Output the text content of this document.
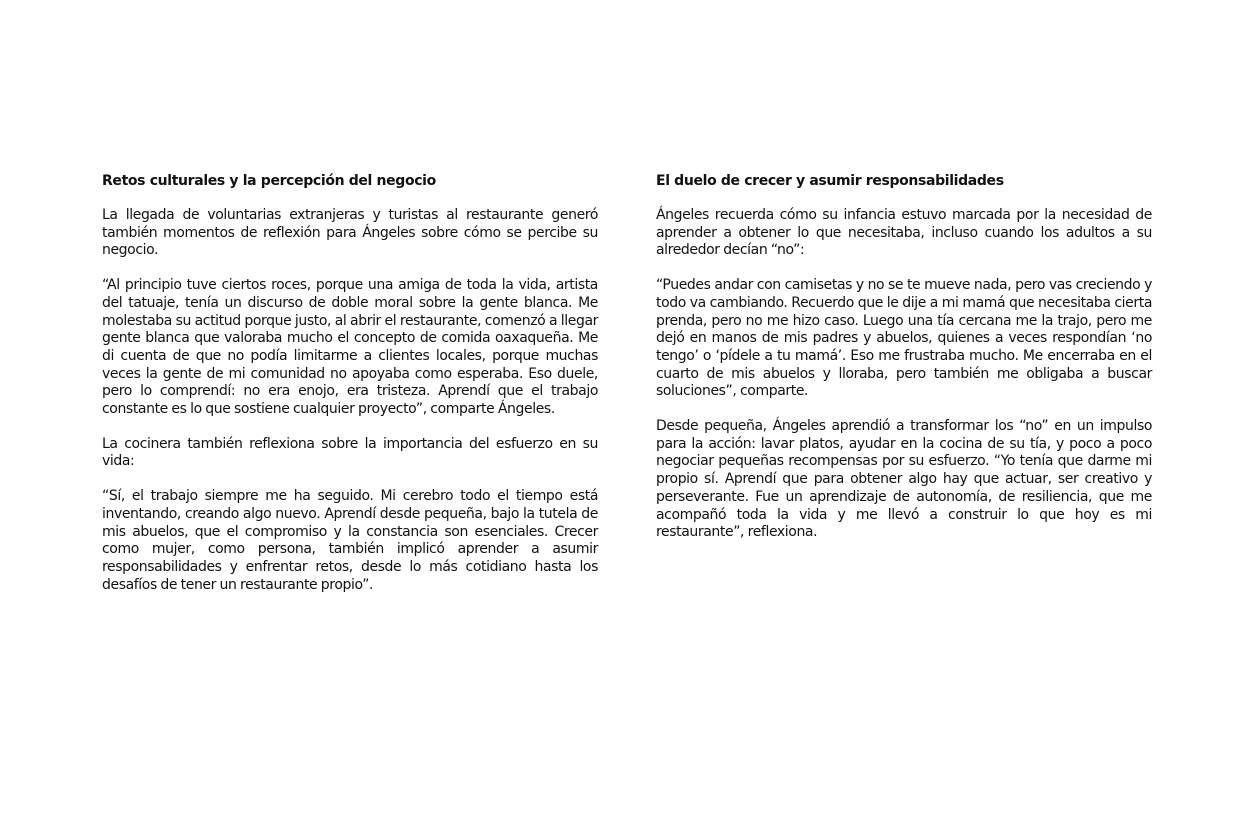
Retos culturales y la percepción del negocio

La llegada de voluntarias extranjeras y turistas al restaurante generó también momentos de reflexión para Ángeles sobre cómo se percibe su negocio.

“Al principio tuve ciertos roces, porque una amiga de toda la vida, artista del tatuaje, tenía un discurso de doble moral sobre la gente blanca. Me molestaba su actitud porque justo, al abrir el restaurante, comenzó a llegar gente blanca que valoraba mucho el concepto de comida oaxaqueña. Me di cuenta de que no podía limitarme a clientes locales, porque muchas veces la gente de mi comunidad no apoyaba como esperaba. Eso duele, pero lo comprendí: no era enojo, era tristeza. Aprendí que el trabajo constante es lo que sostiene cualquier proyecto”, comparte Ángeles.

La cocinera también reflexiona sobre la importancia del esfuerzo en su vida:

“Sí, el trabajo siempre me ha seguido. Mi cerebro todo el tiempo está inventando, creando algo nuevo. Aprendí desde pequeña, bajo la tutela de mis abuelos, que el compromiso y la constancia son esenciales. Crecer como mujer, como persona, también implicó aprender a asumir responsabilidades y enfrentar retos, desde lo más cotidiano hasta los desafíos de tener un restaurante propio”.

El duelo de crecer y asumir responsabilidades

Ángeles recuerda cómo su infancia estuvo marcada por la necesidad de aprender a obtener lo que necesitaba, incluso cuando los adultos a su alrededor decían “no”:

“Puedes andar con camisetas y no se te mueve nada, pero vas creciendo y todo va cambiando. Recuerdo que le dije a mi mamá que necesitaba cierta prenda, pero no me hizo caso. Luego una tía cercana me la trajo, pero me dejó en manos de mis padres y abuelos, quienes a veces respondían ‘no tengo’ o ‘pídele a tu mamá’. Eso me frustraba mucho. Me encerraba en el cuarto de mis abuelos y lloraba, pero también me obligaba a buscar soluciones”, comparte.

Desde pequeña, Ángeles aprendió a transformar los “no” en un impulso para la acción: lavar platos, ayudar en la cocina de su tía, y poco a poco negociar pequeñas recompensas por su esfuerzo. “Yo tenía que darme mi propio sí. Aprendí que para obtener algo hay que actuar, ser creativo y perseverante. Fue un aprendizaje de autonomía, de resiliencia, que me acompañó toda la vida y me llevó a construir lo que hoy es mi restaurante”, reflexiona.
